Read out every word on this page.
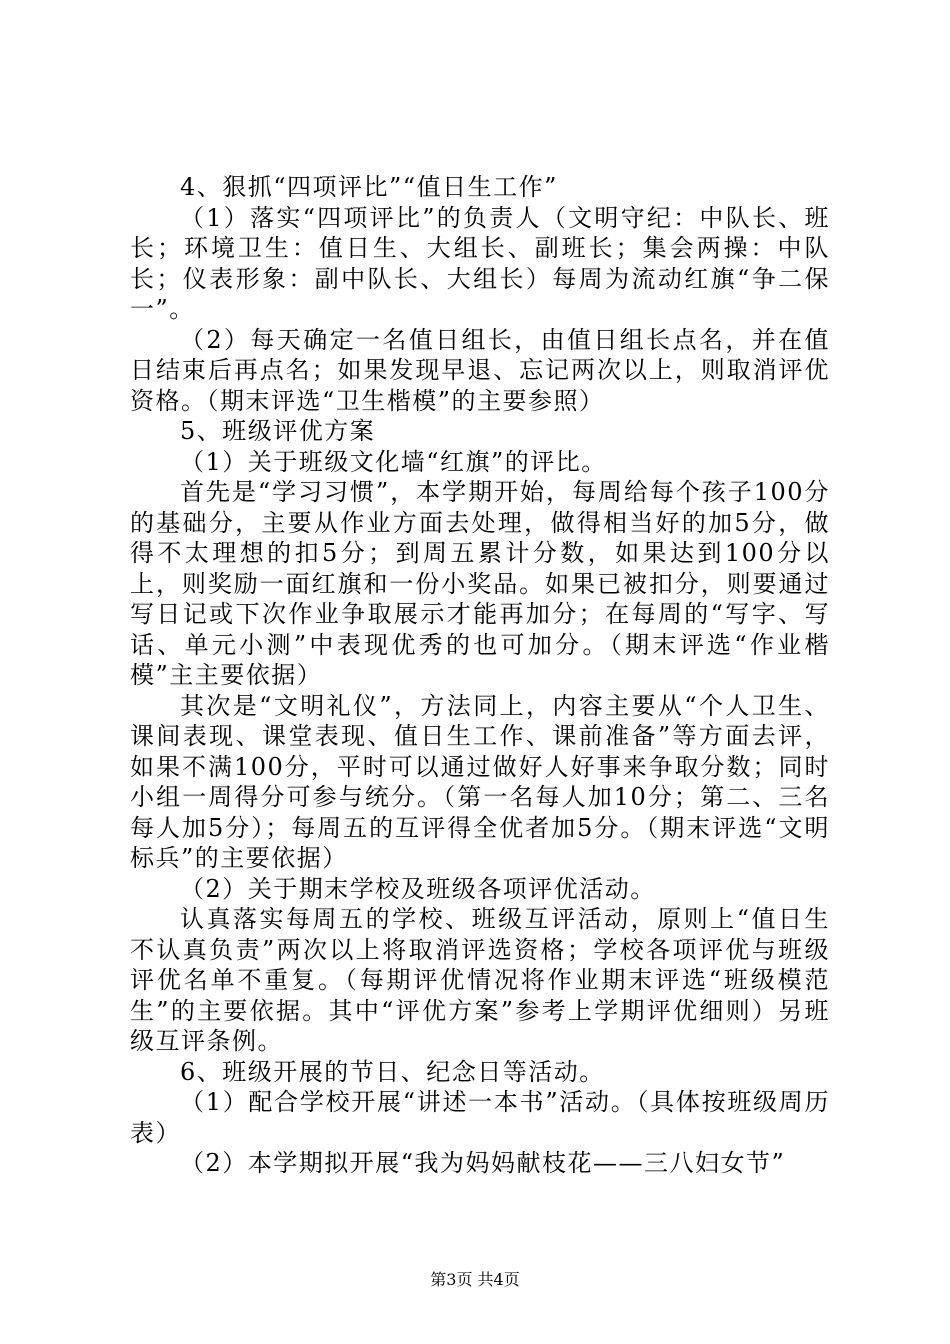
4、狠抓“四项评比”“值日生工作”

（1）落实“四项评比”的负责人（文明守纪：中队长、班长；环境卫生：值日生、大组长、副班长；集会两操：中队长；仪表形象：副中队长、大组长）每周为流动红旗“争二保一”。

（2）每天确定一名值日组长，由值日组长点名，并在值日结束后再点名；如果发现早退、忘记两次以上，则取消评优资格。（期末评选“卫生楷模”的主要参照）

5、班级评优方案

（1）关于班级文化墙“红旗”的评比。

首先是“学习习惯”，本学期开始，每周给每个孩子100分的基础分，主要从作业方面去处理，做得相当好的加5分，做得不太理想的扣5分；到周五累计分数，如果达到100分以上，则奖励一面红旗和一份小奖品。如果已被扣分，则要通过写日记或下次作业争取展示才能再加分；在每周的“写字、写话、单元小测”中表现优秀的也可加分。（期末评选“作业楷模”主主要依据）

其次是“文明礼仪”，方法同上，内容主要从“个人卫生、课间表现、课堂表现、值日生工作、课前准备”等方面去评，如果不满100分，平时可以通过做好人好事来争取分数；同时小组一周得分可参与统分。（第一名每人加10分；第二、三名每人加5分）；每周五的互评得全优者加5分。（期末评选“文明标兵”的主要依据）

（2）关于期末学校及班级各项评优活动。

认真落实每周五的学校、班级互评活动，原则上“值日生不认真负责”两次以上将取消评选资格；学校各项评优与班级评优名单不重复。（每期评优情况将作业期末评选“班级模范生”的主要依据。其中“评优方案”参考上学期评优细则）另班级互评条例。

6、班级开展的节日、纪念日等活动。

（1）配合学校开展“讲述一本书”活动。（具体按班级周历表）

（2）本学期拟开展“我为妈妈献枝花——三八妇女节”

第3页 共4页
